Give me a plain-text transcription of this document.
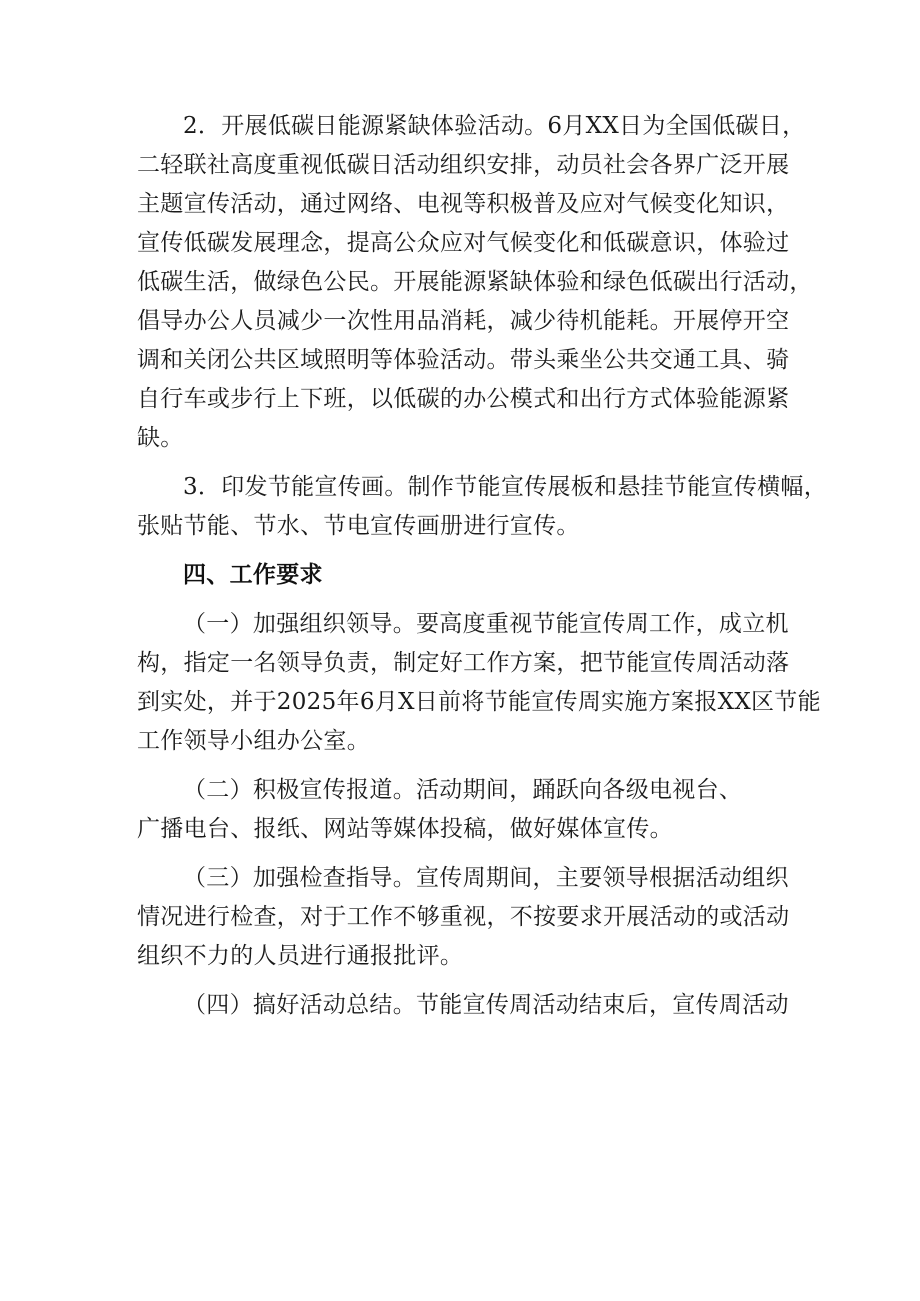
2．开展低碳日能源紧缺体验活动。6月XX日为全国低碳日，
二轻联社高度重视低碳日活动组织安排，动员社会各界广泛开展
主题宣传活动，通过网络、电视等积极普及应对气候变化知识，
宣传低碳发展理念，提高公众应对气候变化和低碳意识，体验过
低碳生活，做绿色公民。开展能源紧缺体验和绿色低碳出行活动，
倡导办公人员减少一次性用品消耗，减少待机能耗。开展停开空
调和关闭公共区域照明等体验活动。带头乘坐公共交通工具、骑
自行车或步行上下班，以低碳的办公模式和出行方式体验能源紧
缺。

3．印发节能宣传画。制作节能宣传展板和悬挂节能宣传横幅，
张贴节能、节水、节电宣传画册进行宣传。

四、工作要求

（一）加强组织领导。要高度重视节能宣传周工作，成立机
构，指定一名领导负责，制定好工作方案，把节能宣传周活动落
到实处，并于2025年6月X日前将节能宣传周实施方案报XX区节能
工作领导小组办公室。

（二）积极宣传报道。活动期间，踊跃向各级电视台、
广播电台、报纸、网站等媒体投稿，做好媒体宣传。

（三）加强检查指导。宣传周期间，主要领导根据活动组织
情况进行检查，对于工作不够重视，不按要求开展活动的或活动
组织不力的人员进行通报批评。

（四）搞好活动总结。节能宣传周活动结束后，宣传周活动
